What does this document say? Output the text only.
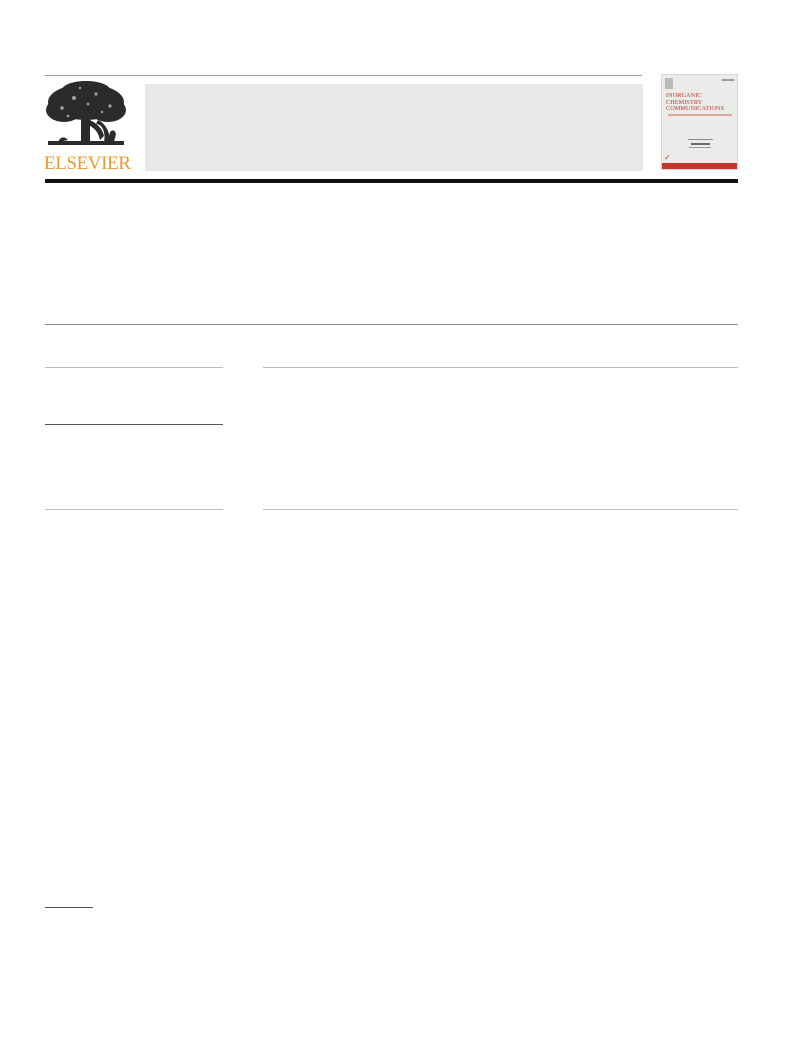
ELSEVIER
INORGANIC CHEMISTRY COMMUNICATIONS
✓
